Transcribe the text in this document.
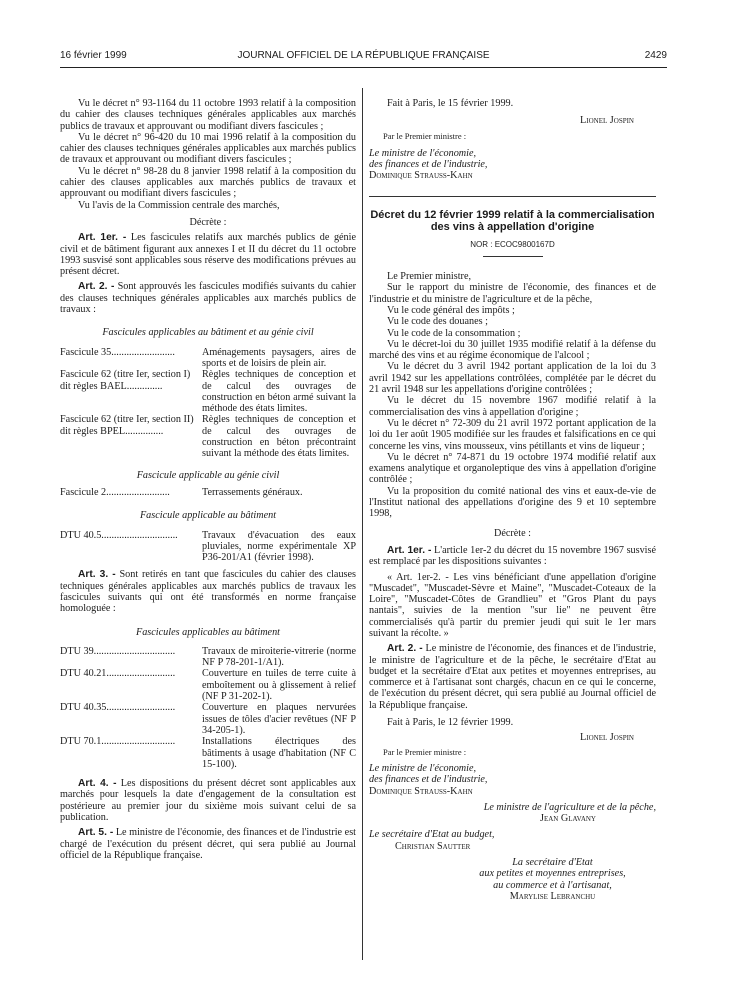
16 février 1999	JOURNAL OFFICIEL DE LA RÉPUBLIQUE FRANÇAISE	2429

Vu le décret n° 93-1164 du 11 octobre 1993 relatif à la composition du cahier des clauses techniques générales applicables aux marchés publics de travaux et approuvant ou modifiant divers fascicules ;

Vu le décret n° 96-420 du 10 mai 1996 relatif à la composition du cahier des clauses techniques générales applicables aux marchés publics de travaux et approuvant ou modifiant divers fascicules ;

Vu le décret n° 98-28 du 8 janvier 1998 relatif à la composition du cahier des clauses applicables aux marchés publics de travaux et approuvant ou modifiant divers fascicules ;

Vu l'avis de la Commission centrale des marchés,

Décrète :

Art. 1er. - Les fascicules relatifs aux marchés publics de génie civil et de bâtiment figurant aux annexes I et II du décret du 11 octobre 1993 susvisé sont applicables sous réserve des modifications prévues au présent décret.

Art. 2. - Sont approuvés les fascicules modifiés suivants du cahier des clauses techniques générales applicables aux marchés publics de travaux :

Fascicules applicables au bâtiment et au génie civil

Fascicule 35.........................	Aménagements paysagers, aires de sports et de loisirs de plein air.
Fascicule 62 (titre Ier, section I) dit règles BAEL..............
Règles techniques de conception et de calcul des ouvrages de construction en béton armé suivant la méthode des états limites.
Fascicule 62 (titre Ier, section II) dit règles BPEL...............
Règles techniques de conception et de calcul des ouvrages de construction en béton précontraint suivant la méthode des états limites.

Fascicule applicable au génie civil

Fascicule 2.........................	Terrassements généraux.

Fascicule applicable au bâtiment

DTU 40.5..............................	Travaux d'évacuation des eaux pluviales, norme expérimentale XP P36-201/A1 (février 1998).

Art. 3. - Sont retirés en tant que fascicules du cahier des clauses techniques générales applicables aux marchés publics de travaux les fascicules suivants qui ont été transformés en norme française homologuée :

Fascicules applicables au bâtiment

DTU 39................................	Travaux de miroiterie-vitrerie (norme NF P 78-201-1/A1).
DTU 40.21...........................	Couverture en tuiles de terre cuite à emboîtement ou à glissement à relief (NF P 31-202-1).
DTU 40.35...........................	Couverture en plaques nervurées issues de tôles d'acier revêtues (NF P 34-205-1).
DTU 70.1.............................	Installations électriques des bâtiments à usage d'habitation (NF C 15-100).

Art. 4. - Les dispositions du présent décret sont applicables aux marchés pour lesquels la date d'engagement de la consultation est postérieure au premier jour du sixième mois suivant celui de sa publication.

Art. 5. - Le ministre de l'économie, des finances et de l'industrie est chargé de l'exécution du présent décret, qui sera publié au Journal officiel de la République française.

Fait à Paris, le 15 février 1999.

Lionel Jospin

Par le Premier ministre :

Le ministre de l'économie,

des finances et de l'industrie,

Dominique Strauss-Kahn

Décret du 12 février 1999 relatif à la commercialisation des vins à appellation d'origine

NOR : ECOC9800167D

Le Premier ministre,

Sur le rapport du ministre de l'économie, des finances et de l'industrie et du ministre de l'agriculture et de la pêche,

Vu le code général des impôts ;

Vu le code des douanes ;

Vu le code de la consommation ;

Vu le décret-loi du 30 juillet 1935 modifié relatif à la défense du marché des vins et au régime économique de l'alcool ;

Vu le décret du 3 avril 1942 portant application de la loi du 3 avril 1942 sur les appellations contrôlées, complétée par le décret du 21 avril 1948 sur les appellations d'origine contrôlées ;

Vu le décret du 15 novembre 1967 modifié relatif à la commercialisation des vins à appellation d'origine ;

Vu le décret n° 72-309 du 21 avril 1972 portant application de la loi du 1er août 1905 modifiée sur les fraudes et falsifications en ce qui concerne les vins, vins mousseux, vins pétillants et vins de liqueur ;

Vu le décret n° 74-871 du 19 octobre 1974 modifié relatif aux examens analytique et organoleptique des vins à appellation d'origine contrôlée ;

Vu la proposition du comité national des vins et eaux-de-vie de l'Institut national des appellations d'origine des 9 et 10 septembre 1998,

Décrète :

Art. 1er. - L'article 1er-2 du décret du 15 novembre 1967 susvisé est remplacé par les dispositions suivantes :

« Art. 1er-2. - Les vins bénéficiant d'une appellation d'origine "Muscadet", "Muscadet-Sèvre et Maine", "Muscadet-Coteaux de la Loire", "Muscadet-Côtes de Grandlieu" et "Gros Plant du pays nantais", suivies de la mention "sur lie" ne peuvent être commercialisés qu'à partir du premier jeudi qui suit le 1er mars suivant la récolte. »

Art. 2. - Le ministre de l'économie, des finances et de l'industrie, le ministre de l'agriculture et de la pêche, le secrétaire d'Etat au budget et la secrétaire d'Etat aux petites et moyennes entreprises, au commerce et à l'artisanat sont chargés, chacun en ce qui le concerne, de l'exécution du présent décret, qui sera publié au Journal officiel de la République française.

Fait à Paris, le 12 février 1999.

Lionel Jospin

Par le Premier ministre :

Le ministre de l'économie,

des finances et de l'industrie,

Dominique Strauss-Kahn

Le ministre de l'agriculture et de la pêche,

Jean Glavany

Le secrétaire d'Etat au budget,

Christian Sautter

La secrétaire d'Etat

aux petites et moyennes entreprises,

au commerce et à l'artisanat,

Marylise Lebranchu
